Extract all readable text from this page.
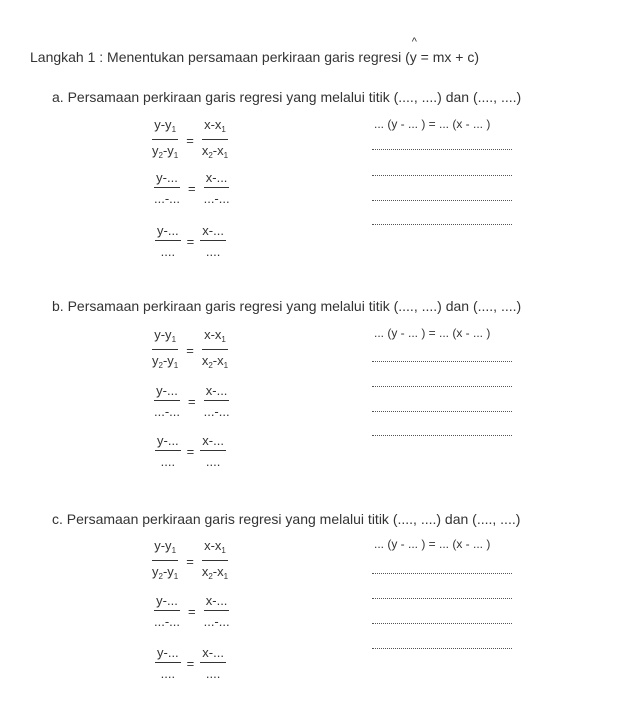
Langkah 1 : Menentukan persamaan perkiraan garis regresi (^ y = mx + c)
a. Persamaan perkiraan garis regresi yang melalui titik (...., ....) dan (...., ....)
$\frac{y-y_1}{y_2-y_1} = \frac{x-x_1}{x_2-x_1}$
$\frac{y-...}{...-...} = \frac{x-...}{...-...}$
$\frac{y-...}{....} = \frac{x-...}{....}$
... (y - ... ) = ... (x - ... )
b. Persamaan perkiraan garis regresi yang melalui titik (...., ....) dan (...., ....)
$\frac{y-y_1}{y_2-y_1} = \frac{x-x_1}{x_2-x_1}$
$\frac{y-...}{...-...} = \frac{x-...}{...-...}$
$\frac{y-...}{....} = \frac{x-...}{....}$
... (y - ... ) = ... (x - ... )
c. Persamaan perkiraan garis regresi yang melalui titik (...., ....) dan (...., ....)
$\frac{y-y_1}{y_2-y_1} = \frac{x-x_1}{x_2-x_1}$
$\frac{y-...}{...-...} = \frac{x-...}{...-...}$
$\frac{y-...}{....} = \frac{x-...}{....}$
... (y - ... ) = ... (x - ... )
